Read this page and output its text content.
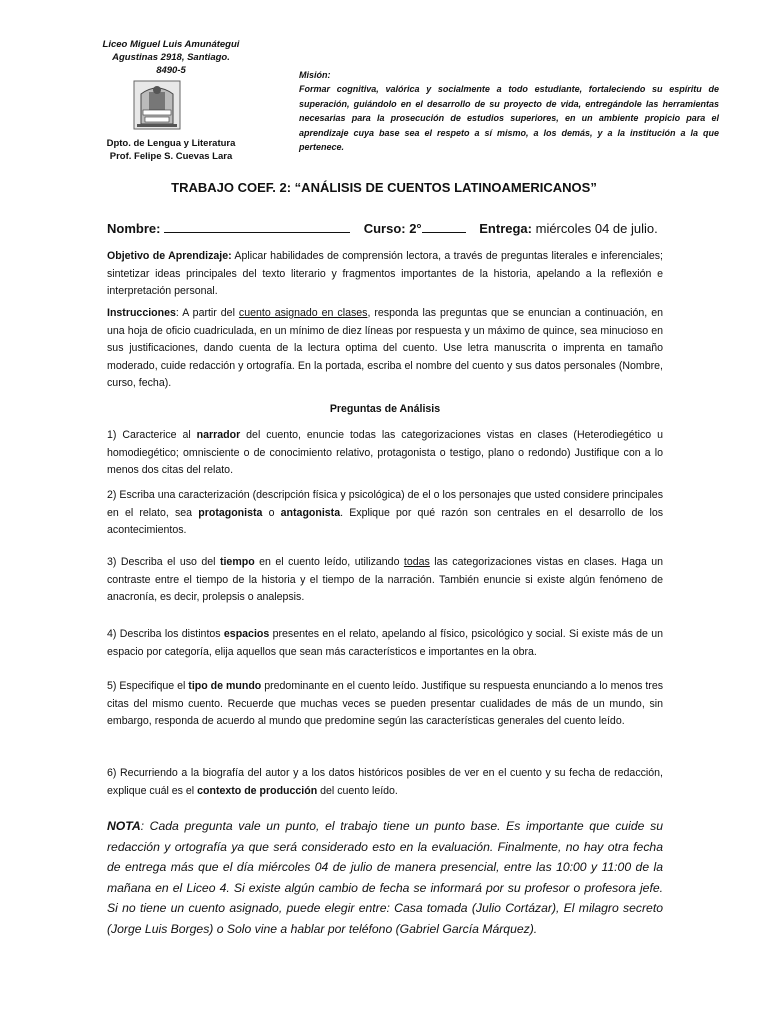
Liceo Miguel Luis Amunátegui
Agustinas 2918, Santiago.
8490-5
Dpto. de Lengua y Literatura
Prof. Felipe S. Cuevas Lara
Misión:
Formar cognitiva, valórica y socialmente a todo estudiante, fortaleciendo su espíritu de superación, guiándolo en el desarrollo de su proyecto de vida, entregándole las herramientas necesarias para la prosecución de estudios superiores, en un ambiente propicio para el aprendizaje cuya base sea el respeto a sí mismo, a los demás, y a la institución a la que pertenece.
TRABAJO COEF. 2: “ANÁLISIS DE CUENTOS LATINOAMERICANOS”
Nombre:	Curso: 2°	Entrega: miércoles 04 de julio.
Objetivo de Aprendizaje: Aplicar habilidades de comprensión lectora, a través de preguntas literales e inferenciales; sintetizar ideas principales del texto literario y fragmentos importantes de la historia, apelando a la reflexión e interpretación personal.
Instrucciones: A partir del cuento asignado en clases, responda las preguntas que se enuncian a continuación, en una hoja de oficio cuadriculada, en un mínimo de diez líneas por respuesta y un máximo de quince, sea minucioso en sus justificaciones, dando cuenta de la lectura optima del cuento. Use letra manuscrita o imprenta en tamaño moderado, cuide redacción y ortografía. En la portada, escriba el nombre del cuento y sus datos personales (Nombre, curso, fecha).
Preguntas de Análisis
1) Caracterice al narrador del cuento, enuncie todas las categorizaciones vistas en clases (Heterodiegético u homodiegético; omnisciente o de conocimiento relativo, protagonista o testigo, plano o redondo) Justifique con a lo menos dos citas del relato.
2) Escriba una caracterización (descripción física y psicológica) de el o los personajes que usted considere principales en el relato, sea protagonista o antagonista. Explique por qué razón son centrales en el desarrollo de los acontecimientos.
3) Describa el uso del tiempo en el cuento leído, utilizando todas las categorizaciones vistas en clases. Haga un contraste entre el tiempo de la historia y el tiempo de la narración. También enuncie si existe algún fenómeno de anacronía, es decir, prolepsis o analepsis.
4) Describa los distintos espacios presentes en el relato, apelando al físico, psicológico y social. Si existe más de un espacio por categoría, elija aquellos que sean más característicos e importantes en la obra.
5) Especifique el tipo de mundo predominante en el cuento leído. Justifique su respuesta enunciando a lo menos tres citas del mismo cuento. Recuerde que muchas veces se pueden presentar cualidades de más de un mundo, sin embargo, responda de acuerdo al mundo que predomine según las características generales del cuento leído.
6) Recurriendo a la biografía del autor y a los datos históricos posibles de ver en el cuento y su fecha de redacción, explique cuál es el contexto de producción del cuento leído.
NOTA: Cada pregunta vale un punto, el trabajo tiene un punto base. Es importante que cuide su redacción y ortografía ya que será considerado esto en la evaluación. Finalmente, no hay otra fecha de entrega más que el día miércoles 04 de julio de manera presencial, entre las 10:00 y 11:00 de la mañana en el Liceo 4. Si existe algún cambio de fecha se informará por su profesor o profesora jefe. Si no tiene un cuento asignado, puede elegir entre: Casa tomada (Julio Cortázar), El milagro secreto (Jorge Luis Borges) o Solo vine a hablar por teléfono (Gabriel García Márquez).
